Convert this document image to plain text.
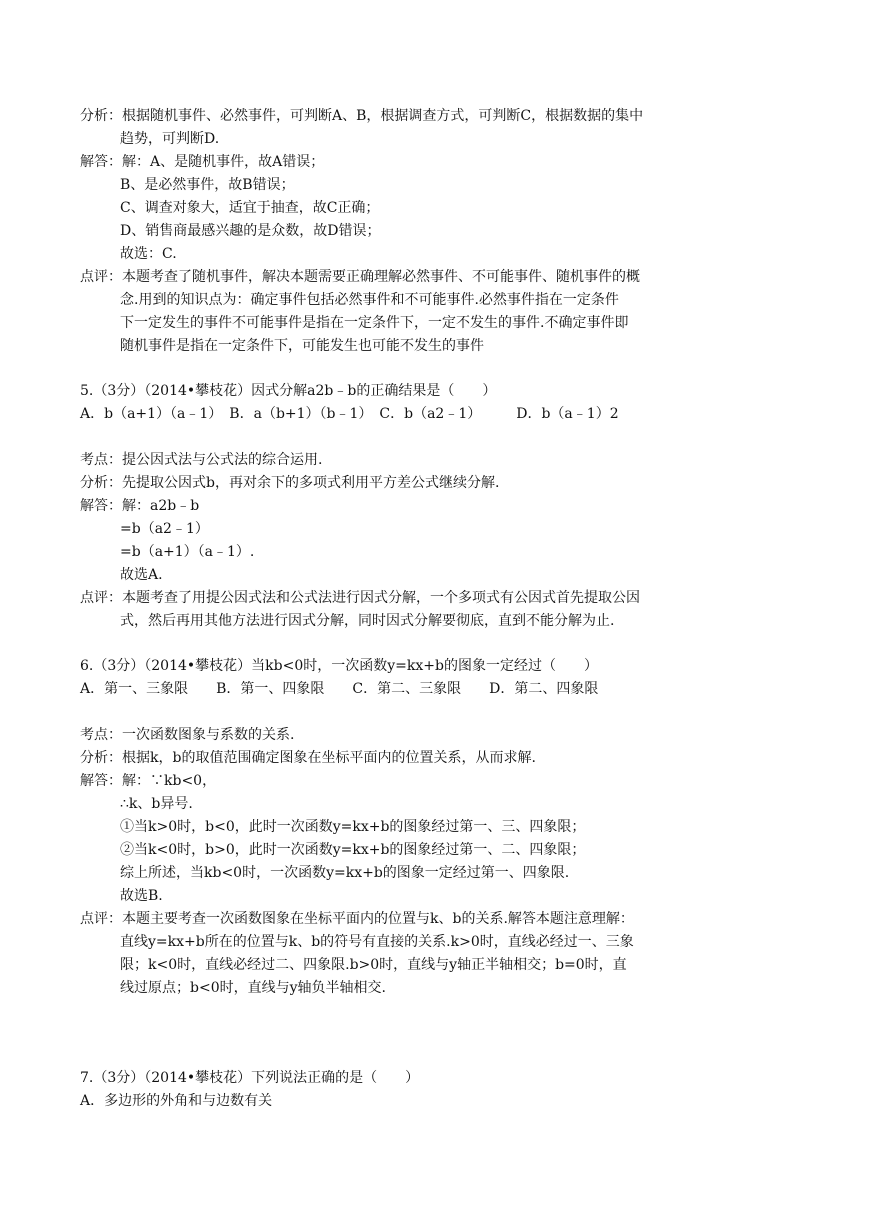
分析：根据随机事件、必然事件，可判断A、B，根据调查方式，可判断C，根据数据的集中
趋势，可判断D.
解答：解：A、是随机事件，故A错误；
B、是必然事件，故B错误；
C、调查对象大，适宜于抽查，故C正确；
D、销售商最感兴趣的是众数，故D错误；
故选：C.
点评：本题考查了随机事件，解决本题需要正确理解必然事件、不可能事件、随机事件的概
念.用到的知识点为：确定事件包括必然事件和不可能事件.必然事件指在一定条件
下一定发生的事件不可能事件是指在一定条件下，一定不发生的事件.不确定事件即
随机事件是指在一定条件下，可能发生也可能不发生的事件
5.（3分）（2014•攀枝花）因式分解a2b﹣b的正确结果是（　　）
A．b（a+1）（a﹣1）　B．a（b+1）（b﹣1）　C．b（a2﹣1）　　　D．b（a﹣1）2
考点：提公因式法与公式法的综合运用.
分析：先提取公因式b，再对余下的多项式利用平方差公式继续分解.
解答：解：a2b﹣b
=b（a2﹣1）
=b（a+1）（a﹣1）.
故选A.
点评：本题考查了用提公因式法和公式法进行因式分解，一个多项式有公因式首先提取公因
式，然后再用其他方法进行因式分解，同时因式分解要彻底，直到不能分解为止.
6.（3分）（2014•攀枝花）当kb<0时，一次函数y=kx+b的图象一定经过（　　）
A．第一、三象限　　B．第一、四象限　　C．第二、三象限　　D．第二、四象限
考点：一次函数图象与系数的关系.
分析：根据k，b的取值范围确定图象在坐标平面内的位置关系，从而求解.
解答：解：∵kb<0，
∴k、b异号.
①当k>0时，b<0，此时一次函数y=kx+b的图象经过第一、三、四象限；
②当k<0时，b>0，此时一次函数y=kx+b的图象经过第一、二、四象限；
综上所述，当kb<0时，一次函数y=kx+b的图象一定经过第一、四象限.
故选B.
点评：本题主要考查一次函数图象在坐标平面内的位置与k、b的关系.解答本题注意理解：
直线y=kx+b所在的位置与k、b的符号有直接的关系.k>0时，直线必经过一、三象
限；k<0时，直线必经过二、四象限.b>0时，直线与y轴正半轴相交；b=0时，直
线过原点；b<0时，直线与y轴负半轴相交.
7.（3分）（2014•攀枝花）下列说法正确的是（　　）
A．多边形的外角和与边数有关
